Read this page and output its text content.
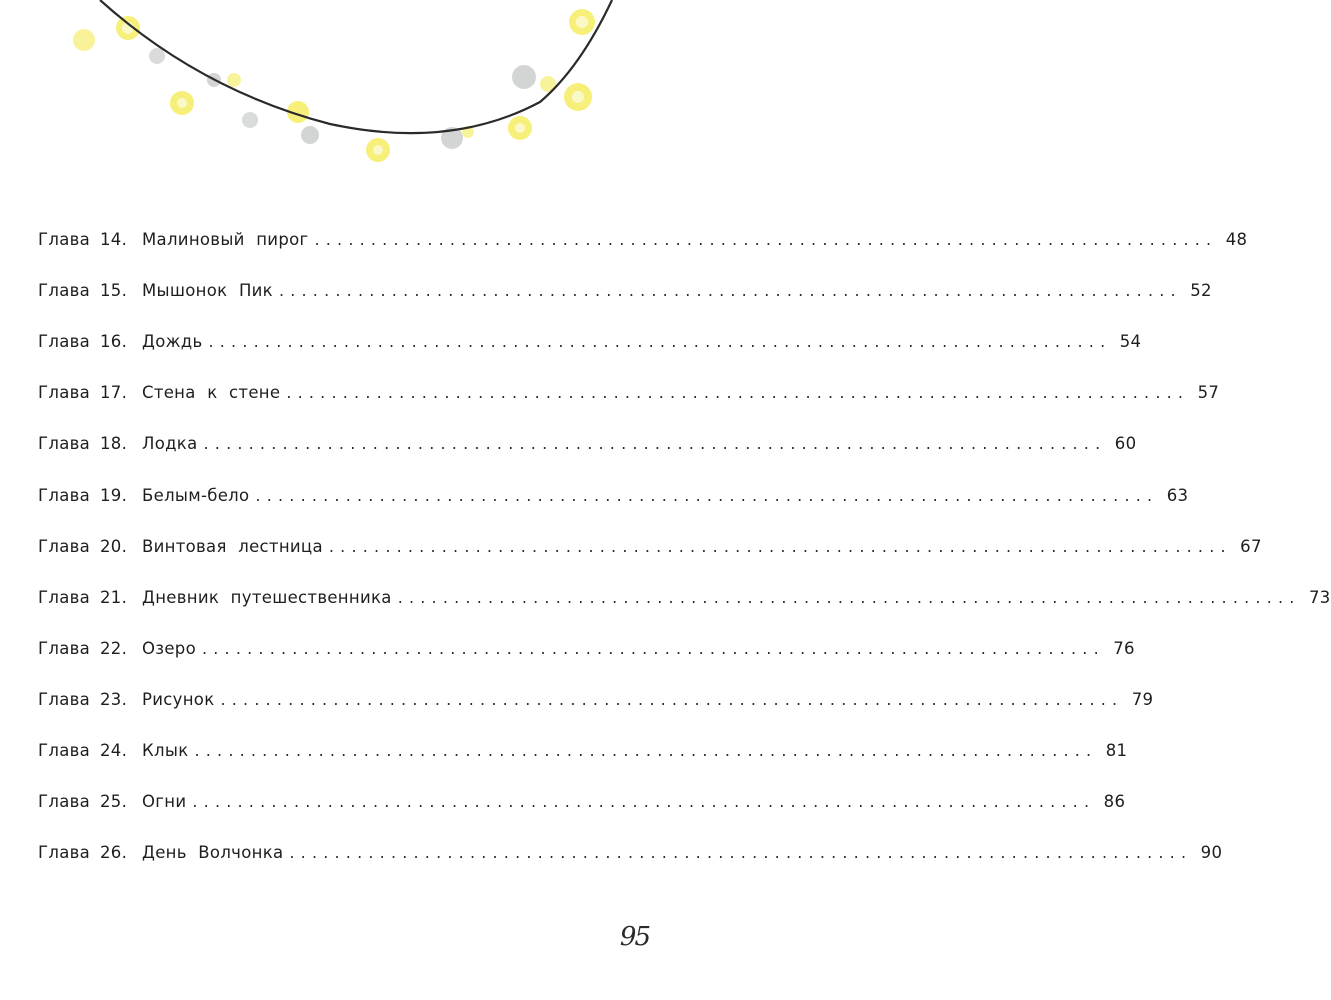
Глава 14. Малиновый пирог ................................................................................ 48
Глава 15. Мышонок Пик ................................................................................ 52
Глава 16. Дождь ................................................................................ 54
Глава 17. Стена к стене ................................................................................ 57
Глава 18. Лодка ................................................................................ 60
Глава 19. Белым-бело ................................................................................ 63
Глава 20. Винтовая лестница ................................................................................ 67
Глава 21. Дневник путешественника ................................................................................ 73
Глава 22. Озеро ................................................................................ 76
Глава 23. Рисунок ................................................................................ 79
Глава 24. Клык ................................................................................ 81
Глава 25. Огни ................................................................................ 86
Глава 26. День Волчонка ................................................................................ 90
95
